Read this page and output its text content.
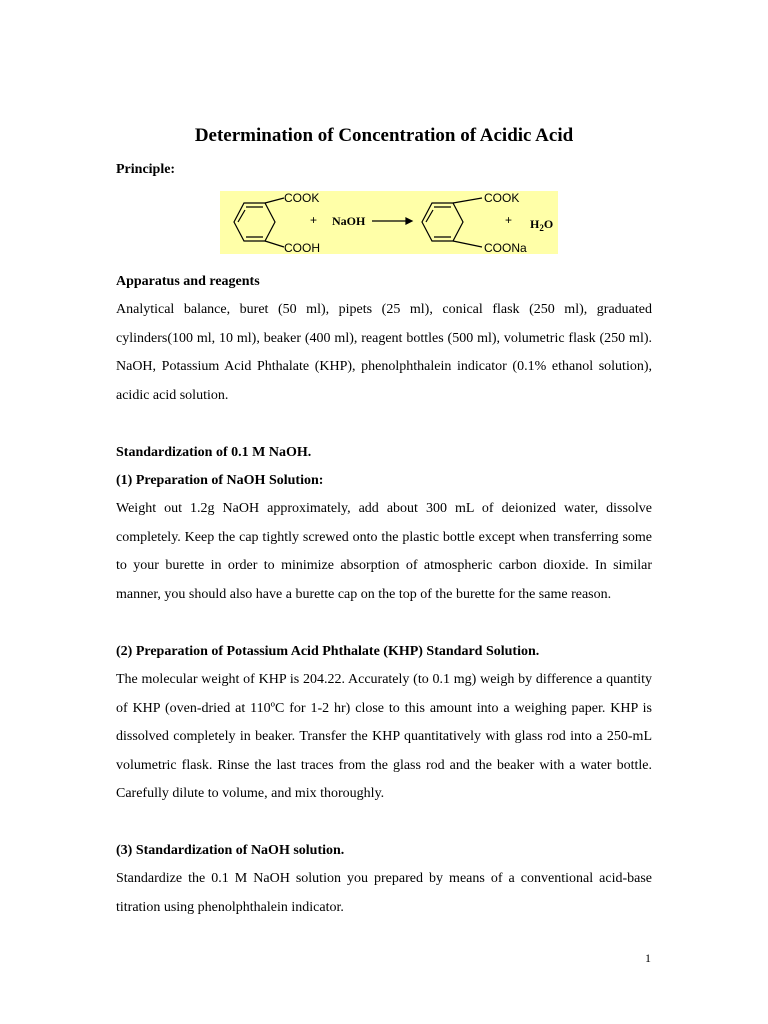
Determination of Concentration of Acidic Acid

Principle:

Apparatus and reagents

Analytical balance, buret (50 ml), pipets (25 ml), conical flask (250 ml), graduated cylinders(100 ml, 10 ml), beaker (400 ml), reagent bottles (500 ml), volumetric flask (250 ml). NaOH, Potassium Acid Phthalate (KHP), phenolphthalein indicator (0.1% ethanol solution), acidic acid solution.

Standardization of 0.1 M NaOH.

(1) Preparation of NaOH Solution:

Weight out 1.2g NaOH approximately, add about 300 mL of deionized water, dissolve completely. Keep the cap tightly screwed onto the plastic bottle except when transferring some to your burette in order to minimize absorption of atmospheric carbon dioxide. In similar manner, you should also have a burette cap on the top of the burette for the same reason.

(2) Preparation of Potassium Acid Phthalate (KHP) Standard Solution.

The molecular weight of KHP is 204.22. Accurately (to 0.1 mg) weigh by difference a quantity of KHP (oven-dried at 110ºC for 1-2 hr) close to this amount into a weighing paper. KHP is dissolved completely in beaker. Transfer the KHP quantitatively with glass rod into a 250-mL volumetric flask. Rinse the last traces from the glass rod and the beaker with a water bottle. Carefully dilute to volume, and mix thoroughly.

(3) Standardization of NaOH solution.

Standardize the 0.1 M NaOH solution you prepared by means of a conventional acid-base titration using phenolphthalein indicator.

COOK
COOH
+ NaOH
COOK
COONa
+ $H_2O$
1
